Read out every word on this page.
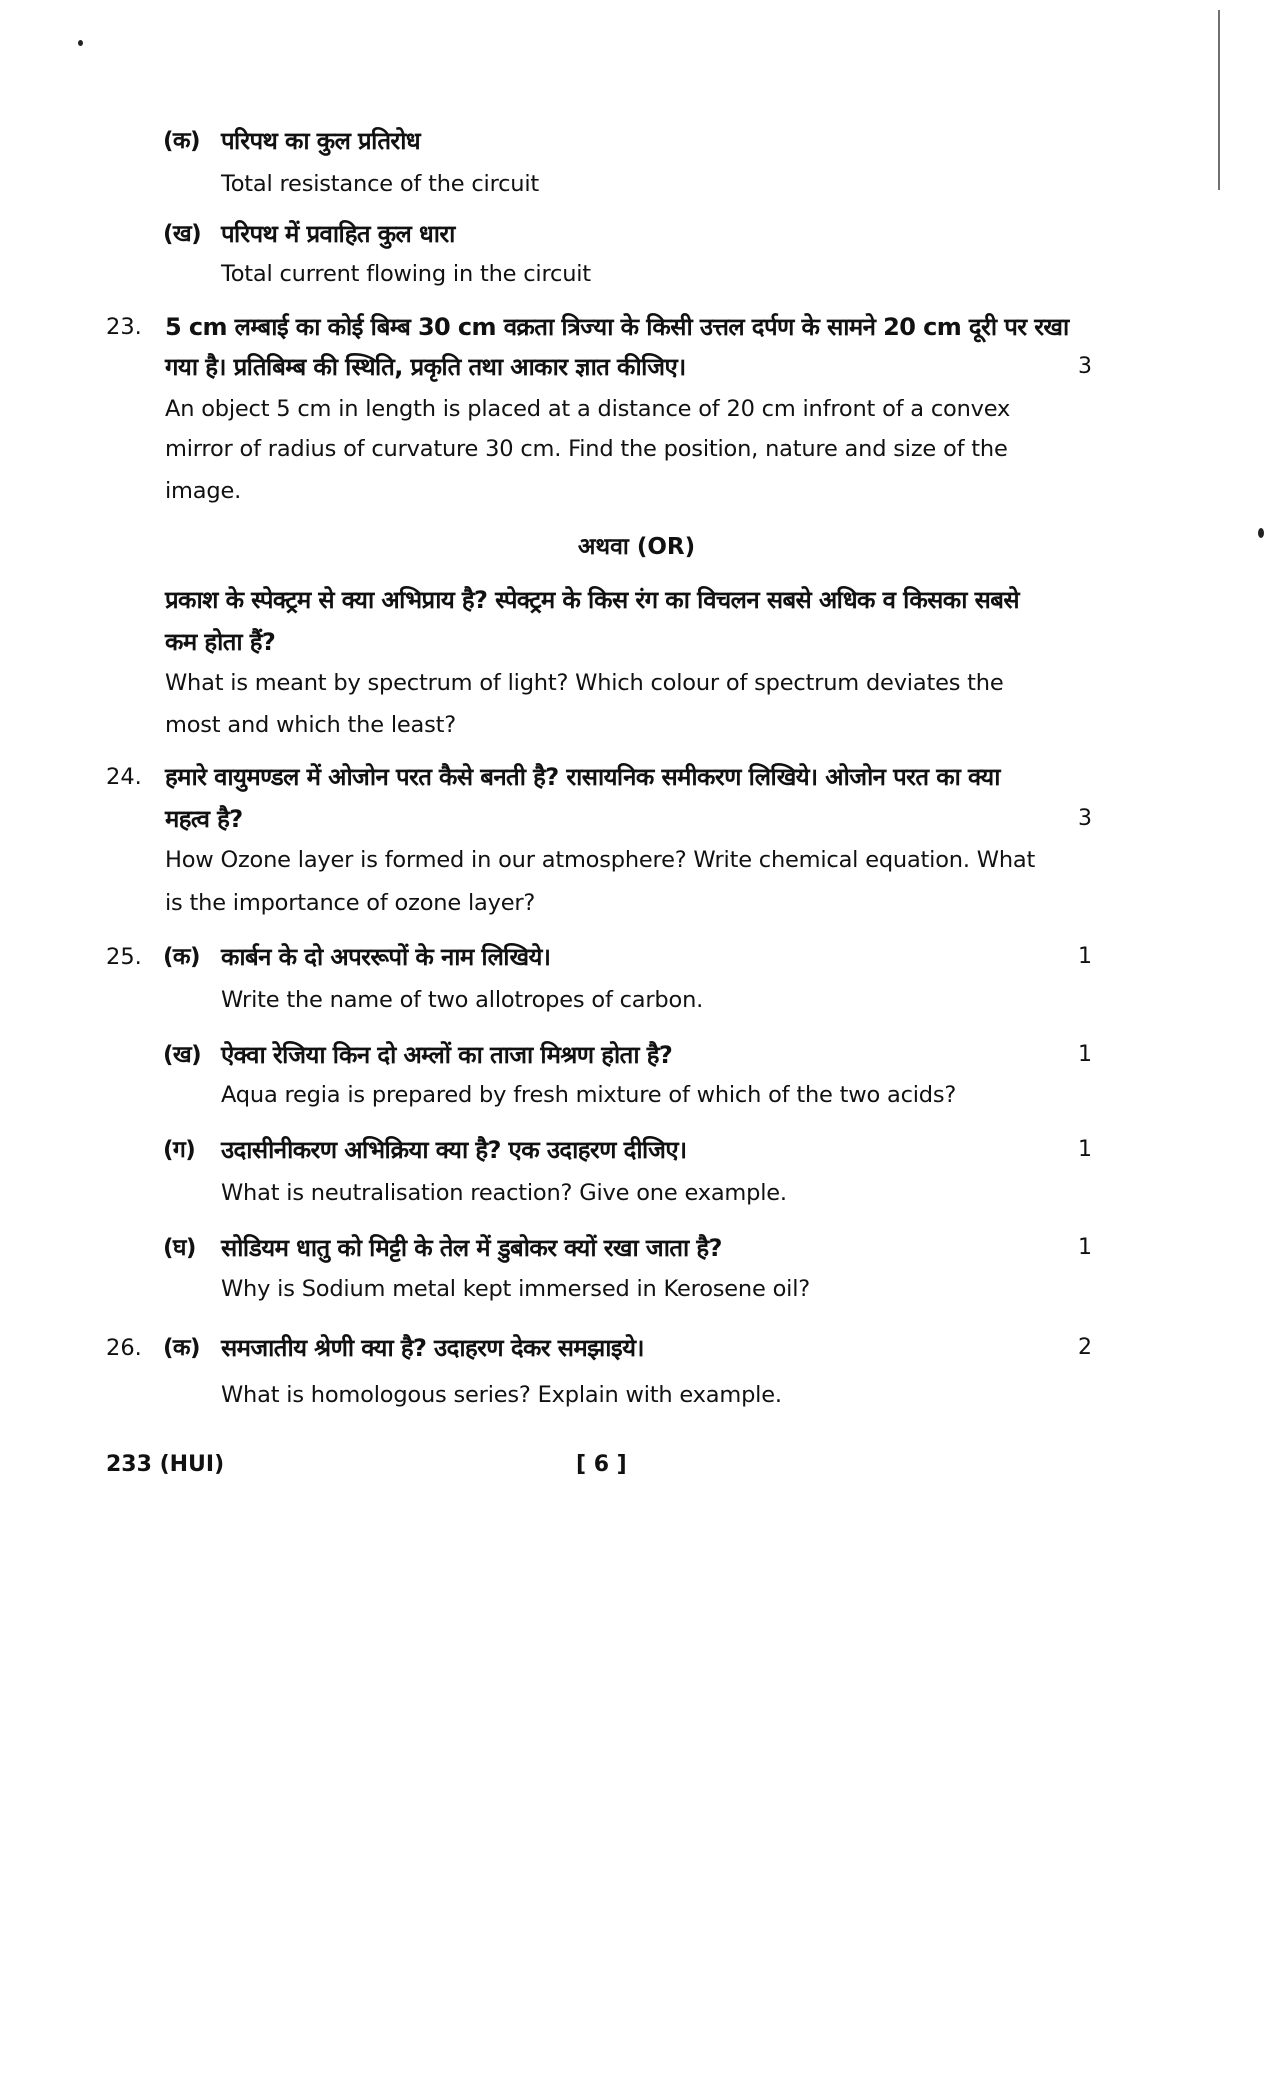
(क) परिपथ का कुल प्रतिरोध
Total resistance of the circuit
(ख) परिपथ में प्रवाहित कुल धारा
Total current flowing in the circuit
23. 5 cm लम्बाई का कोई बिम्ब 30 cm वक्रता त्रिज्या के किसी उत्तल दर्पण के सामने 20 cm दूरी पर रखा
गया है। प्रतिबिम्ब की स्थिति, प्रकृति तथा आकार ज्ञात कीजिए।	3
An object 5 cm in length is placed at a distance of 20 cm infront of a convex
mirror of radius of curvature 30 cm. Find the position, nature and size of the
image.
अथवा (OR)
प्रकाश के स्पेक्ट्रम से क्या अभिप्राय है? स्पेक्ट्रम के किस रंग का विचलन सबसे अधिक व किसका सबसे
कम होता हैं?
What is meant by spectrum of light? Which colour of spectrum deviates the
most and which the least?
24. हमारे वायुमण्डल में ओजोन परत कैसे बनती है? रासायनिक समीकरण लिखिये। ओजोन परत का क्या
महत्व है?	3
How Ozone layer is formed in our atmosphere? Write chemical equation. What
is the importance of ozone layer?
25. (क) कार्बन के दो अपररूपों के नाम लिखिये।	1
Write the name of two allotropes of carbon.
(ख) ऐक्वा रेजिया किन दो अम्लों का ताजा मिश्रण होता है?	1
Aqua regia is prepared by fresh mixture of which of the two acids?
(ग) उदासीनीकरण अभिक्रिया क्या है? एक उदाहरण दीजिए।	1
What is neutralisation reaction? Give one example.
(घ) सोडियम धातु को मिट्टी के तेल में डुबोकर क्यों रखा जाता है?	1
Why is Sodium metal kept immersed in Kerosene oil?
26. (क) समजातीय श्रेणी क्या है? उदाहरण देकर समझाइये।	2
What is homologous series? Explain with example.
233 (HUI)	[ 6 ]
